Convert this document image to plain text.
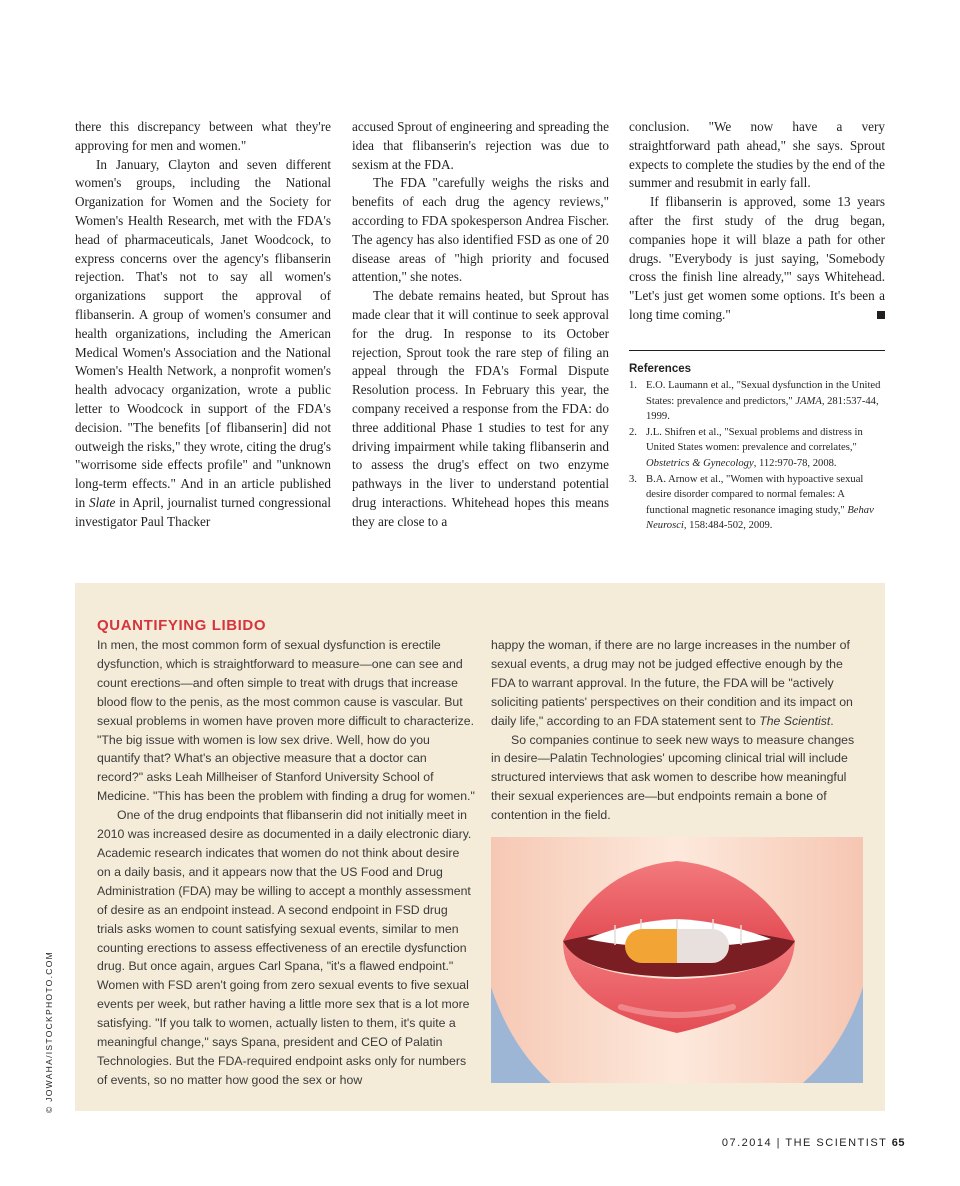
there this discrepancy between what they're approving for men and women."

In January, Clayton and seven different women's groups, including the National Organization for Women and the Society for Women's Health Research, met with the FDA's head of pharmaceuticals, Janet Woodcock, to express concerns over the agency's flibanserin rejection. That's not to say all women's organizations support the approval of flibanserin. A group of women's consumer and health organizations, including the American Medical Women's Association and the National Women's Health Network, a nonprofit women's health advocacy organization, wrote a public letter to Woodcock in support of the FDA's decision. "The benefits [of flibanserin] did not outweigh the risks," they wrote, citing the drug's "worrisome side effects profile" and "unknown long-term effects." And in an article published in Slate in April, journalist turned congressional investigator Paul Thacker

accused Sprout of engineering and spreading the idea that flibanserin's rejection was due to sexism at the FDA.

The FDA "carefully weighs the risks and benefits of each drug the agency reviews," according to FDA spokesperson Andrea Fischer. The agency has also identified FSD as one of 20 disease areas of "high priority and focused attention," she notes.

The debate remains heated, but Sprout has made clear that it will continue to seek approval for the drug. In response to its October rejection, Sprout took the rare step of filing an appeal through the FDA's Formal Dispute Resolution process. In February this year, the company received a response from the FDA: do three additional Phase 1 studies to test for any driving impairment while taking flibanserin and to assess the drug's effect on two enzyme pathways in the liver to understand potential drug interactions. Whitehead hopes this means they are close to a

conclusion. "We now have a very straightforward path ahead," she says. Sprout expects to complete the studies by the end of the summer and resubmit in early fall.

If flibanserin is approved, some 13 years after the first study of the drug began, companies hope it will blaze a path for other drugs. "Everybody is just saying, 'Somebody cross the finish line already,'" says Whitehead. "Let's just get women some options. It's been a long time coming."

References
1. E.O. Laumann et al., "Sexual dysfunction in the United States: prevalence and predictors," JAMA, 281:537-44, 1999.
2. J.L. Shifren et al., "Sexual problems and distress in United States women: prevalence and correlates," Obstetrics & Gynecology, 112:970-78, 2008.
3. B.A. Arnow et al., "Women with hypoactive sexual desire disorder compared to normal females: A functional magnetic resonance imaging study," Behav Neurosci, 158:484-502, 2009.
QUANTIFYING LIBIDO

In men, the most common form of sexual dysfunction is erectile dysfunction, which is straightforward to measure—one can see and count erections—and often simple to treat with drugs that increase blood flow to the penis, as the most common cause is vascular. But sexual problems in women have proven more difficult to characterize. "The big issue with women is low sex drive. Well, how do you quantify that? What's an objective measure that a doctor can record?" asks Leah Millheiser of Stanford University School of Medicine. "This has been the problem with finding a drug for women."

One of the drug endpoints that flibanserin did not initially meet in 2010 was increased desire as documented in a daily electronic diary. Academic research indicates that women do not think about desire on a daily basis, and it appears now that the US Food and Drug Administration (FDA) may be willing to accept a monthly assessment of desire as an endpoint instead. A second endpoint in FSD drug trials asks women to count satisfying sexual events, similar to men counting erections to assess effectiveness of an erectile dysfunction drug. But once again, argues Carl Spana, "it's a flawed endpoint." Women with FSD aren't going from zero sexual events to five sexual events per week, but rather having a little more sex that is a lot more satisfying. "If you talk to women, actually listen to them, it's quite a meaningful change," says Spana, president and CEO of Palatin Technologies. But the FDA-required endpoint asks only for numbers of events, so no matter how good the sex or how

happy the woman, if there are no large increases in the number of sexual events, a drug may not be judged effective enough by the FDA to warrant approval. In the future, the FDA will be "actively soliciting patients' perspectives on their condition and its impact on daily life," according to an FDA statement sent to The Scientist.

So companies continue to seek new ways to measure changes in desire—Palatin Technologies' upcoming clinical trial will include structured interviews that ask women to describe how meaningful their sexual experiences are—but endpoints remain a bone of contention in the field.

© JOWAHA/ISTOCKPHOTO.COM
07.2014 | THE SCIENTIST 65
